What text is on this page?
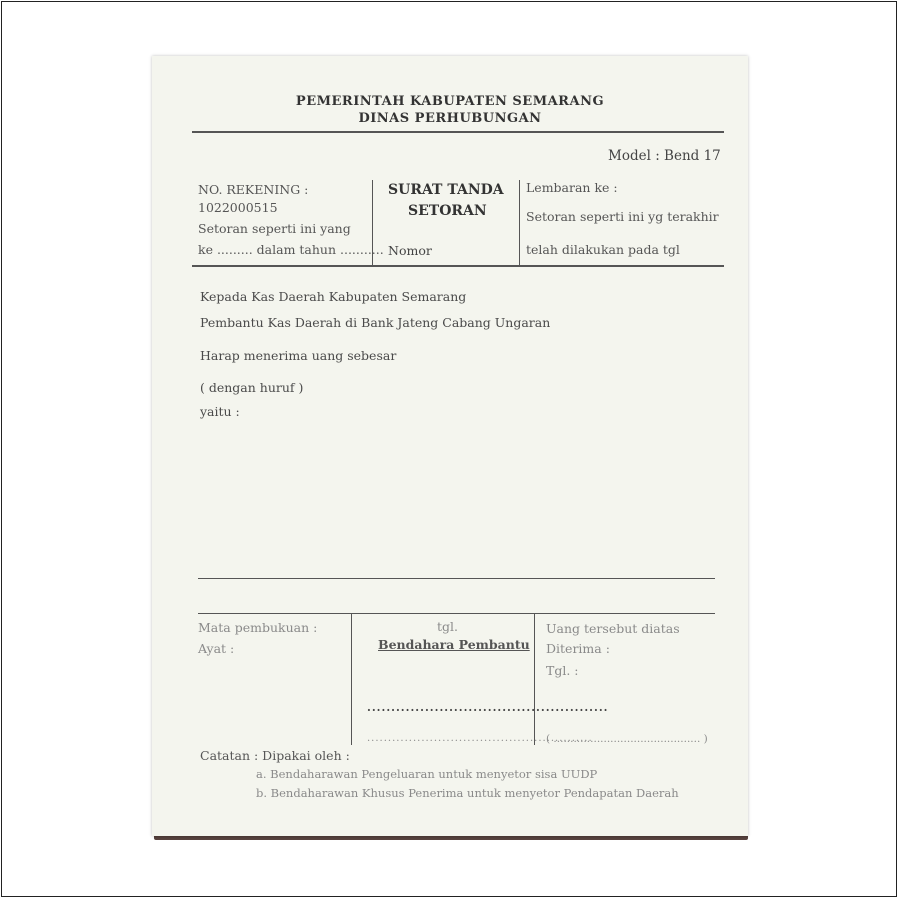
PEMERINTAH KABUPATEN SEMARANG
DINAS PERHUBUNGAN
Model : Bend 17
NO. REKENING :
1022000515
Setoran seperti ini yang
ke ......... dalam tahun ...........
SURAT TANDA
SETORAN
Nomor
Lembaran ke :
Setoran seperti ini yg terakhir
telah dilakukan pada tgl
Kepada Kas Daerah Kabupaten Semarang
Pembantu Kas Daerah di Bank Jateng Cabang Ungaran
Harap menerima uang sebesar
( dengan huruf )
yaitu :
Mata pembukuan :
Ayat :
tgl.
Bendahara Pembantu
..................................................
......................................................
Uang tersebut diatas
Diterima :
Tgl. :
( ............................................ )
Catatan : Dipakai oleh :
a. Bendaharawan Pengeluaran untuk menyetor sisa UUDP
b. Bendaharawan Khusus Penerima untuk menyetor Pendapatan Daerah
